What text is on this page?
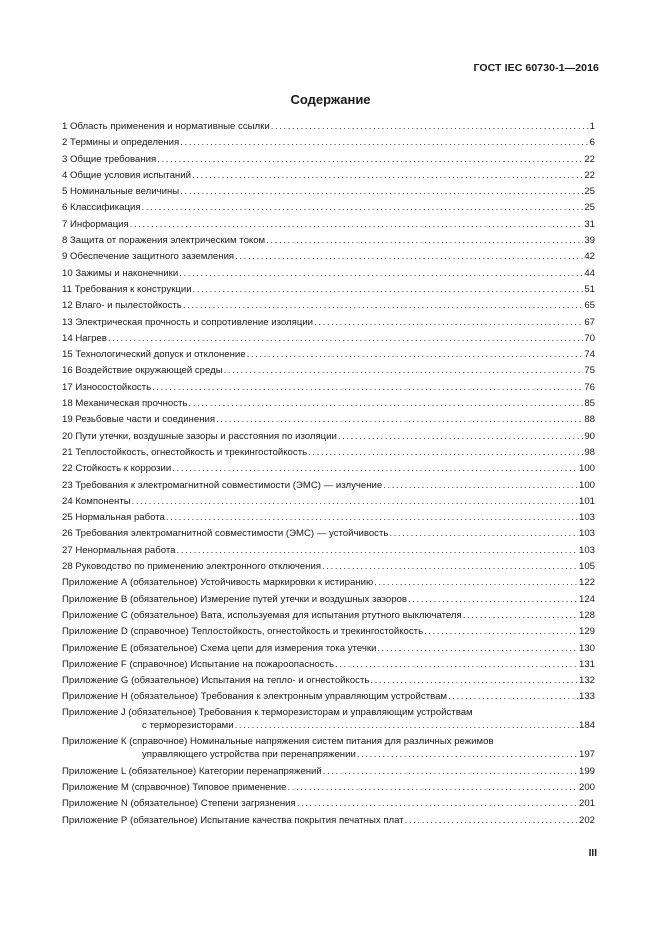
ГОСТ IEC 60730-1—2016
Содержание
1 Область применения и нормативные ссылки .....	1
2 Термины и определения .....	6
3 Общие требования .....	22
4 Общие условия испытаний .....	22
5 Номинальные величины .....	25
6 Классификация .....	25
7 Информация .....	31
8 Защита от поражения электрическим током .....	39
9 Обеспечение защитного заземления .....	42
10 Зажимы и наконечники .....	44
11 Требования к конструкции .....	51
12 Влаго- и пылестойкость .....	65
13 Электрическая прочность и сопротивление изоляции .....	67
14 Нагрев .....	70
15 Технологический допуск и отклонение .....	74
16 Воздействие окружающей среды .....	75
17 Износостойкость .....	76
18 Механическая прочность .....	85
19 Резьбовые части и соединения .....	88
20 Пути утечки, воздушные зазоры и расстояния по изоляции .....	90
21 Теплостойкость, огнестойкость и трекингостойкость .....	98
22 Стойкость к коррозии .....	100
23 Требования к электромагнитной совместимости (ЭМС) — излучение .....	100
24 Компоненты .....	101
25 Нормальная работа .....	103
26 Требования электромагнитной совместимости (ЭМС) — устойчивость .....	103
27 Ненормальная работа .....	103
28 Руководство по применению электронного отключения .....	105
Приложение А (обязательное) Устойчивость маркировки к истиранию .....	122
Приложение В (обязательное) Измерение путей утечки и воздушных зазоров .....	124
Приложение С (обязательное) Вата, используемая для испытания ртутного выключателя .....	128
Приложение D (справочное) Теплостойкость, огнестойкость и трекингостойкость .....	129
Приложение Е (обязательное) Схема цепи для измерения тока утечки .....	130
Приложение F (справочное) Испытание на пожароопасность .....	131
Приложение G (обязательное) Испытания на тепло- и огнестойкость .....	132
Приложение Н (обязательное) Требования к электронным управляющим устройствам .....	133
Приложение J (обязательное) Требования к терморезисторам и управляющим устройствам
с терморезисторами .....	184
Приложение К (справочное) Номинальные напряжения систем питания для различных режимов
управляющего устройства при перенапряжении .....	197
Приложение L (обязательное) Категории перенапряжений .....	199
Приложение М (справочное) Типовое применение .....	200
Приложение N (обязательное) Степени загрязнения .....	201
Приложение Р (обязательное) Испытание качества покрытия печатных плат .....	202
III
